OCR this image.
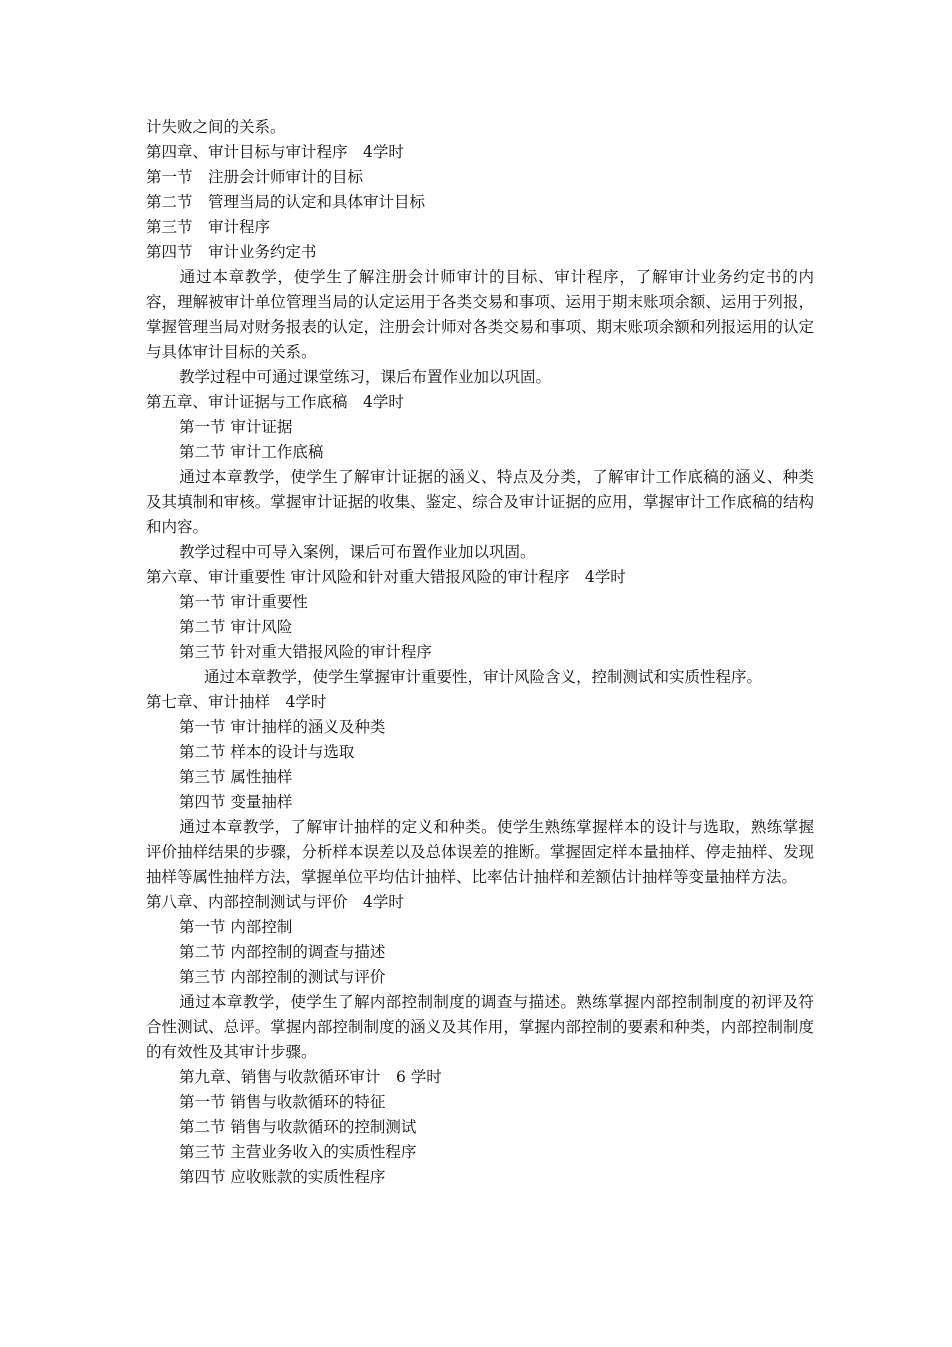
计失败之间的关系。
第四章、审计目标与审计程序　4学时
第一节　注册会计师审计的目标
第二节　管理当局的认定和具体审计目标
第三节　审计程序
第四节　审计业务约定书
通过本章教学，使学生了解注册会计师审计的目标、审计程序，了解审计业务约定书的内容，理解被审计单位管理当局的认定运用于各类交易和事项、运用于期末账项余额、运用于列报，掌握管理当局对财务报表的认定，注册会计师对各类交易和事项、期末账项余额和列报运用的认定与具体审计目标的关系。
教学过程中可通过课堂练习，课后布置作业加以巩固。
第五章、审计证据与工作底稿　4学时
第一节 审计证据
第二节 审计工作底稿
通过本章教学，使学生了解审计证据的涵义、特点及分类，了解审计工作底稿的涵义、种类及其填制和审核。掌握审计证据的收集、鉴定、综合及审计证据的应用，掌握审计工作底稿的结构和内容。
教学过程中可导入案例，课后可布置作业加以巩固。
第六章、审计重要性 审计风险和针对重大错报风险的审计程序　4学时
第一节 审计重要性
第二节 审计风险
第三节 针对重大错报风险的审计程序
通过本章教学，使学生掌握审计重要性，审计风险含义，控制测试和实质性程序。
第七章、审计抽样　4学时
第一节 审计抽样的涵义及种类
第二节 样本的设计与选取
第三节 属性抽样
第四节 变量抽样
通过本章教学，了解审计抽样的定义和种类。使学生熟练掌握样本的设计与选取，熟练掌握评价抽样结果的步骤，分析样本误差以及总体误差的推断。掌握固定样本量抽样、停走抽样、发现抽样等属性抽样方法，掌握单位平均估计抽样、比率估计抽样和差额估计抽样等变量抽样方法。
第八章、内部控制测试与评价　4学时
第一节 内部控制
第二节 内部控制的调查与描述
第三节 内部控制的测试与评价
通过本章教学，使学生了解内部控制制度的调查与描述。熟练掌握内部控制制度的初评及符合性测试、总评。掌握内部控制制度的涵义及其作用，掌握内部控制的要素和种类，内部控制制度的有效性及其审计步骤。
第九章、销售与收款循环审计　6 学时
第一节 销售与收款循环的特征
第二节 销售与收款循环的控制测试
第三节 主营业务收入的实质性程序
第四节 应收账款的实质性程序
